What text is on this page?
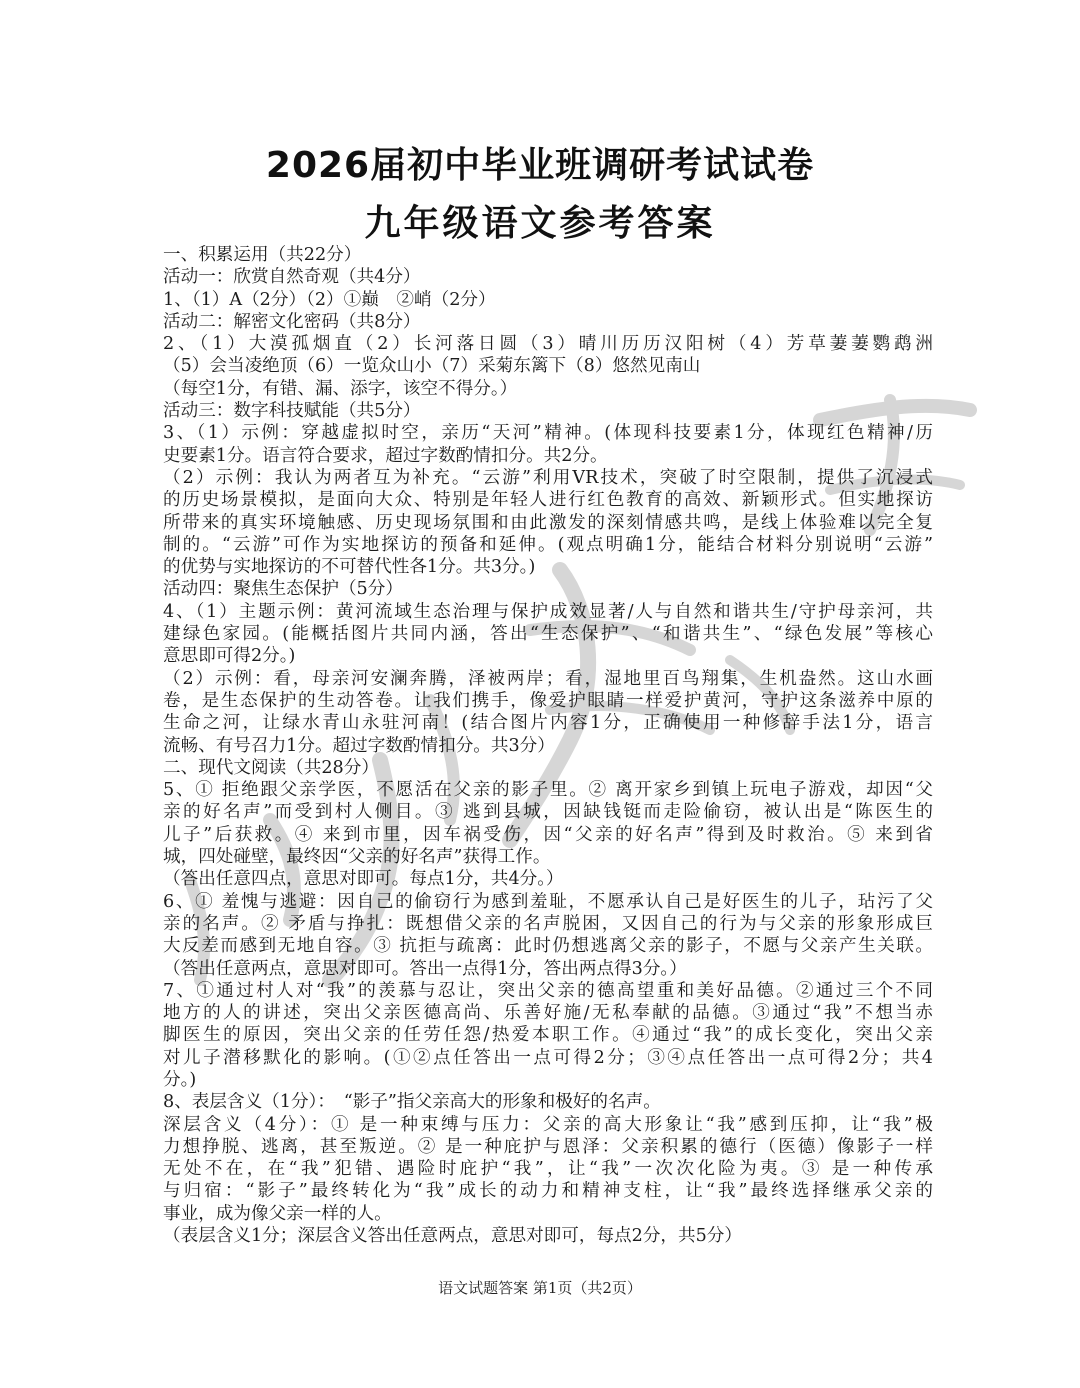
2026届初中毕业班调研考试试卷
九年级语文参考答案
一、积累运用（共22分）
活动一：欣赏自然奇观（共4分）
1、（1）A（2分）（2）①巅　②峭（2分）
活动二：解密文化密码（共8分）
2、（1）大漠孤烟直（2）长河落日圆（3）晴川历历汉阳树（4）芳草萋萋鹦鹉洲
（5）会当凌绝顶（6）一览众山小（7）采菊东篱下（8）悠然见南山
（每空1分，有错、漏、添字，该空不得分。）
活动三：数字科技赋能（共5分）
3、（1）示例：穿越虚拟时空，亲历“天河”精神。(体现科技要素1分，体现红色精神/历
史要素1分。语言符合要求，超过字数酌情扣分。共2分。
（2）示例：我认为两者互为补充。“云游”利用VR技术，突破了时空限制，提供了沉浸式
的历史场景模拟，是面向大众、特别是年轻人进行红色教育的高效、新颖形式。但实地探访
所带来的真实环境触感、历史现场氛围和由此激发的深刻情感共鸣，是线上体验难以完全复
制的。“云游”可作为实地探访的预备和延伸。(观点明确1分，能结合材料分别说明“云游”
的优势与实地探访的不可替代性各1分。共3分。)
活动四：聚焦生态保护（5分）
4、（1）主题示例：黄河流域生态治理与保护成效显著/人与自然和谐共生/守护母亲河，共
建绿色家园。(能概括图片共同内涵，答出“生态保护”、“和谐共生”、“绿色发展”等核心
意思即可得2分。)
（2）示例：看，母亲河安澜奔腾，泽被两岸；看，湿地里百鸟翔集，生机盎然。这山水画
卷，是生态保护的生动答卷。让我们携手，像爱护眼睛一样爱护黄河，守护这条滋养中原的
生命之河，让绿水青山永驻河南！(结合图片内容1分，正确使用一种修辞手法1分，语言
流畅、有号召力1分。超过字数酌情扣分。共3分）
二、现代文阅读（共28分）
5、① 拒绝跟父亲学医，不愿活在父亲的影子里。② 离开家乡到镇上玩电子游戏，却因“父
亲的好名声”而受到村人侧目。③ 逃到县城，因缺钱铤而走险偷窃，被认出是“陈医生的
儿子”后获救。④ 来到市里，因车祸受伤，因“父亲的好名声”得到及时救治。⑤ 来到省
城，四处碰壁，最终因“父亲的好名声”获得工作。
（答出任意四点，意思对即可。每点1分，共4分。）
6、① 羞愧与逃避：因自己的偷窃行为感到羞耻，不愿承认自己是好医生的儿子，玷污了父
亲的名声。② 矛盾与挣扎：既想借父亲的名声脱困，又因自己的行为与父亲的形象形成巨
大反差而感到无地自容。③ 抗拒与疏离：此时仍想逃离父亲的影子，不愿与父亲产生关联。
（答出任意两点，意思对即可。答出一点得1分，答出两点得3分。）
7、①通过村人对“我”的羡慕与忍让，突出父亲的德高望重和美好品德。②通过三个不同
地方的人的讲述，突出父亲医德高尚、乐善好施/无私奉献的品德。③通过“我”不想当赤
脚医生的原因，突出父亲的任劳任怨/热爱本职工作。④通过“我”的成长变化，突出父亲
对儿子潜移默化的影响。(①②点任答出一点可得2分；③④点任答出一点可得2分；共4
分。)
8、表层含义（1分）：　“影子”指父亲高大的形象和极好的名声。
深层含义（4分）：① 是一种束缚与压力：父亲的高大形象让“我”感到压抑，让“我”极
力想挣脱、逃离，甚至叛逆。② 是一种庇护与恩泽：父亲积累的德行（医德）像影子一样
无处不在，在“我”犯错、遇险时庇护“我”，让“我”一次次化险为夷。③ 是一种传承
与归宿：“影子”最终转化为“我”成长的动力和精神支柱，让“我”最终选择继承父亲的
事业，成为像父亲一样的人。
（表层含义1分；深层含义答出任意两点，意思对即可，每点2分，共5分）
语文试题答案 第1页（共2页）
